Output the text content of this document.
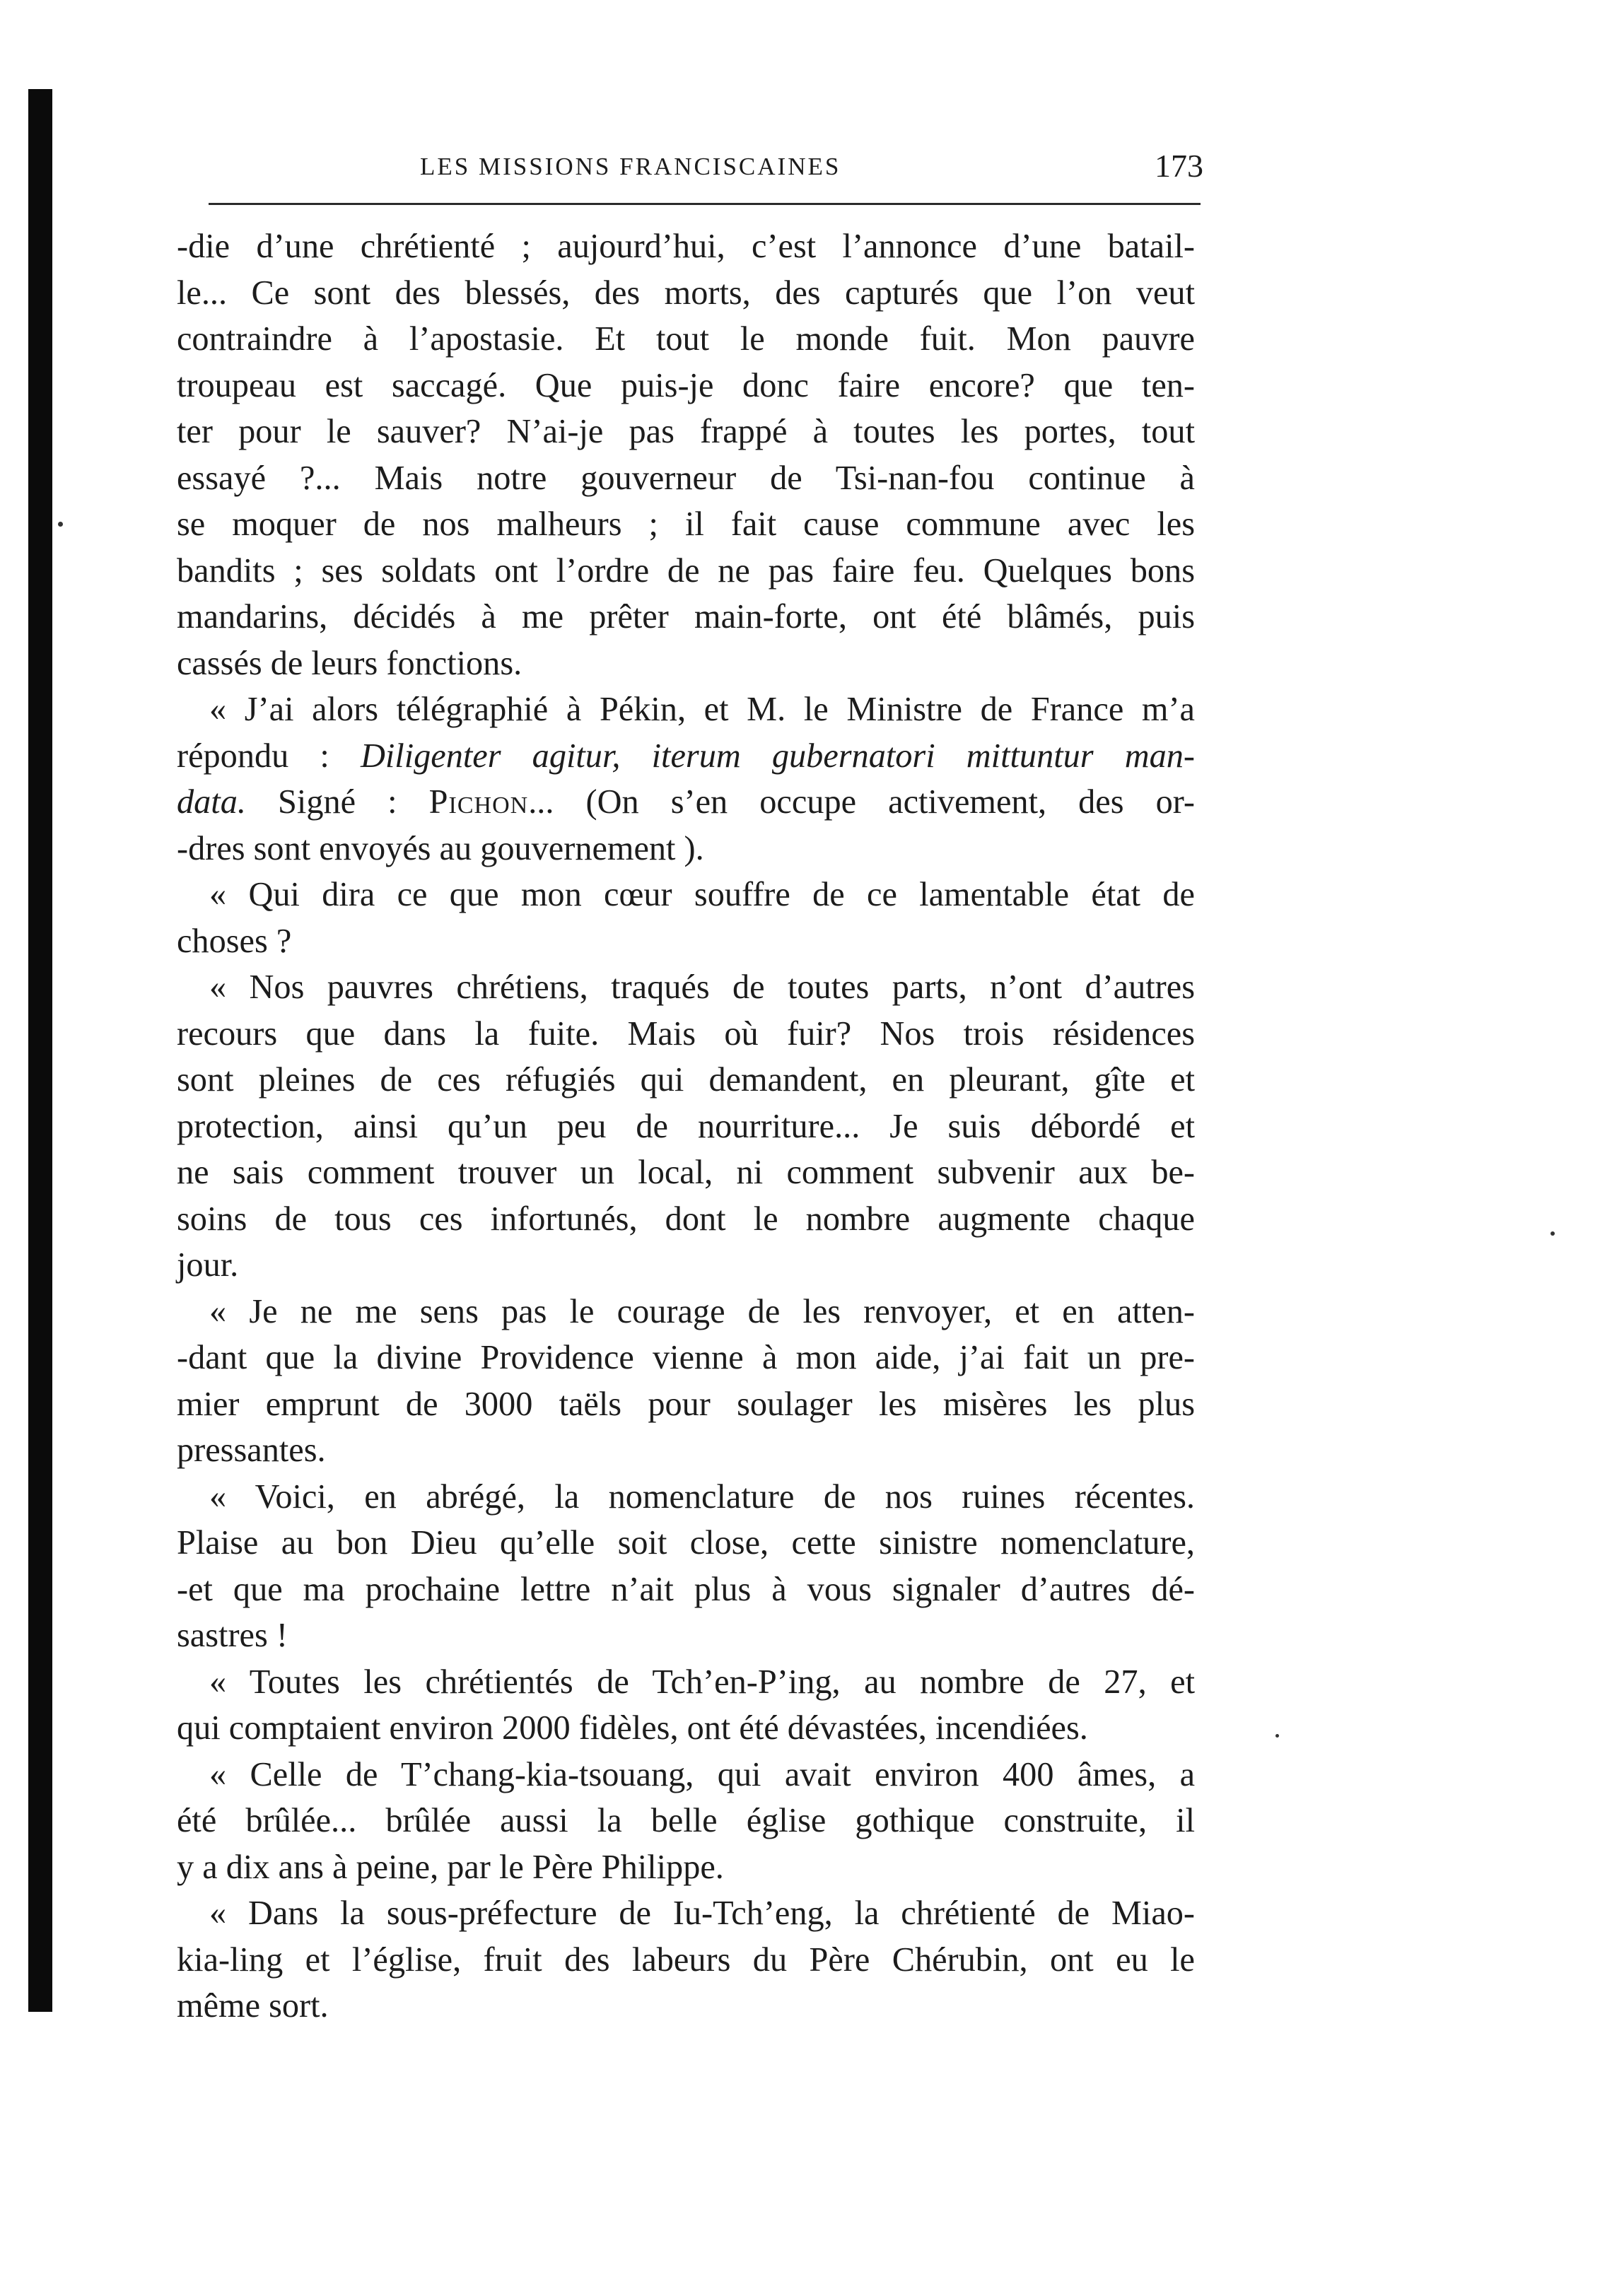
LES MISSIONS FRANCISCAINES	173
-die d’une chrétienté ; aujourd’hui, c’est l’annonce d’une batail-
le... Ce sont des blessés, des morts, des capturés que l’on veut
contraindre à l’apostasie. Et tout le monde fuit. Mon pauvre
troupeau est saccagé. Que puis-je donc faire encore? que ten-
ter pour le sauver? N’ai-je pas frappé à toutes les portes, tout
essayé ?... Mais notre gouverneur de Tsi-nan-fou continue à
se moquer de nos malheurs ; il fait cause commune avec les
bandits ; ses soldats ont l’ordre de ne pas faire feu. Quelques bons
mandarins, décidés à me prêter main-forte, ont été blâmés, puis
cassés de leurs fonctions.
« J’ai alors télégraphié à Pékin, et M. le Ministre de France m’a
répondu : Diligenter agitur, iterum gubernatori mittuntur man-
data. Signé : Pichon... (On s’en occupe activement, des or-
-dres sont envoyés au gouvernement ).
« Qui dira ce que mon cœur souffre de ce lamentable état de
choses ?
« Nos pauvres chrétiens, traqués de toutes parts, n’ont d’autres
recours que dans la fuite. Mais où fuir? Nos trois résidences
sont pleines de ces réfugiés qui demandent, en pleurant, gîte et
protection, ainsi qu’un peu de nourriture... Je suis débordé et
ne sais comment trouver un local, ni comment subvenir aux be-
soins de tous ces infortunés, dont le nombre augmente chaque
jour.
« Je ne me sens pas le courage de les renvoyer, et en atten-
-dant que la divine Providence vienne à mon aide, j’ai fait un pre-
mier emprunt de 3000 taëls pour soulager les misères les plus
pressantes.
« Voici, en abrégé, la nomenclature de nos ruines récentes.
Plaise au bon Dieu qu’elle soit close, cette sinistre nomenclature,
-et que ma prochaine lettre n’ait plus à vous signaler d’autres dé-
sastres !
« Toutes les chrétientés de Tch’en-P’ing, au nombre de 27, et
qui comptaient environ 2000 fidèles, ont été dévastées, incendiées.
« Celle de T’chang-kia-tsouang, qui avait environ 400 âmes, a
été brûlée... brûlée aussi la belle église gothique construite, il
y a dix ans à peine, par le Père Philippe.
« Dans la sous-préfecture de Iu-Tch’eng, la chrétienté de Miao-
kia-ling et l’église, fruit des labeurs du Père Chérubin, ont eu le
même sort.
